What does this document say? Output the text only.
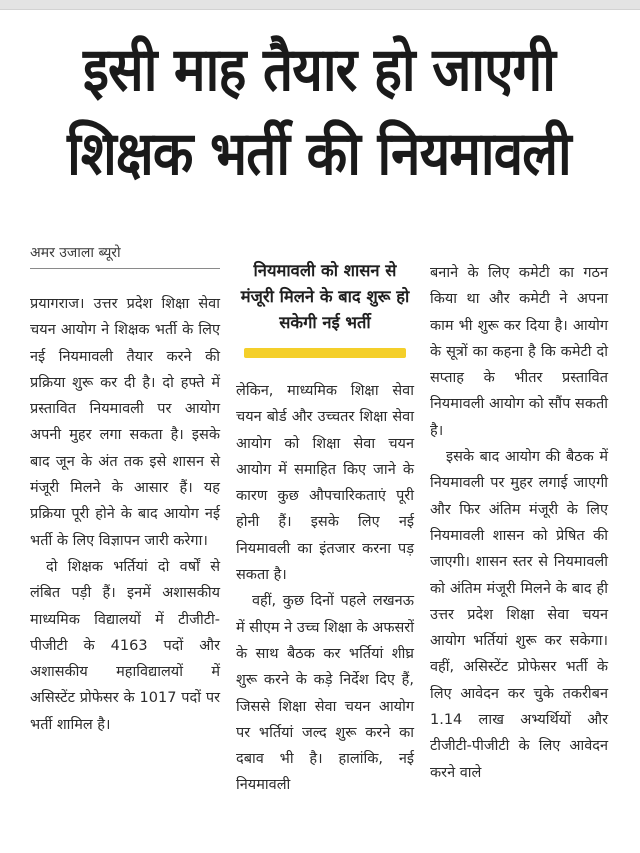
इसी माह तैयार हो जाएगी
शिक्षक भर्ती की नियमावली
अमर उजाला ब्यूरो

प्रयागराज। उत्तर प्रदेश शिक्षा सेवा चयन आयोग ने शिक्षक भर्ती के लिए नई नियमावली तैयार करने की प्रक्रिया शुरू कर दी है। दो हफ्ते में प्रस्तावित नियमावली पर आयोग अपनी मुहर लगा सकता है। इसके बाद जून के अंत तक इसे शासन से मंजूरी मिलने के आसार हैं। यह प्रक्रिया पूरी होने के बाद आयोग नई भर्ती के लिए विज्ञापन जारी करेगा।

दो शिक्षक भर्तियां दो वर्षों से लंबित पड़ी हैं। इनमें अशासकीय माध्यमिक विद्यालयों में टीजीटी-पीजीटी के 4163 पदों और अशासकीय महाविद्यालयों में असिस्टेंट प्रोफेसर के 1017 पदों पर भर्ती शामिल है।

नियमावली को शासन से मंजूरी मिलने के बाद शुरू हो सकेगी नई भर्ती

लेकिन, माध्यमिक शिक्षा सेवा चयन बोर्ड और उच्चतर शिक्षा सेवा आयोग को शिक्षा सेवा चयन आयोग में समाहित किए जाने के कारण कुछ औपचारिकताएं पूरी होनी हैं। इसके लिए नई नियमावली का इंतजार करना पड़ सकता है।

वहीं, कुछ दिनों पहले लखनऊ में सीएम ने उच्च शिक्षा के अफसरों के साथ बैठक कर भर्तियां शीघ्र शुरू करने के कड़े निर्देश दिए हैं, जिससे शिक्षा सेवा चयन आयोग पर भर्तियां जल्द शुरू करने का दबाव भी है। हालांकि, नई नियमावली

बनाने के लिए कमेटी का गठन किया था और कमेटी ने अपना काम भी शुरू कर दिया है। आयोग के सूत्रों का कहना है कि कमेटी दो सप्ताह के भीतर प्रस्तावित नियमावली आयोग को सौंप सकती है।

इसके बाद आयोग की बैठक में नियमावली पर मुहर लगाई जाएगी और फिर अंतिम मंजूरी के लिए नियमावली शासन को प्रेषित की जाएगी। शासन स्तर से नियमावली को अंतिम मंजूरी मिलने के बाद ही उत्तर प्रदेश शिक्षा सेवा चयन आयोग भर्तियां शुरू कर सकेगा। वहीं, असिस्टेंट प्रोफेसर भर्ती के लिए आवेदन कर चुके तकरीबन 1.14 लाख अभ्यर्थियों और टीजीटी-पीजीटी के लिए आवेदन करने वाले
